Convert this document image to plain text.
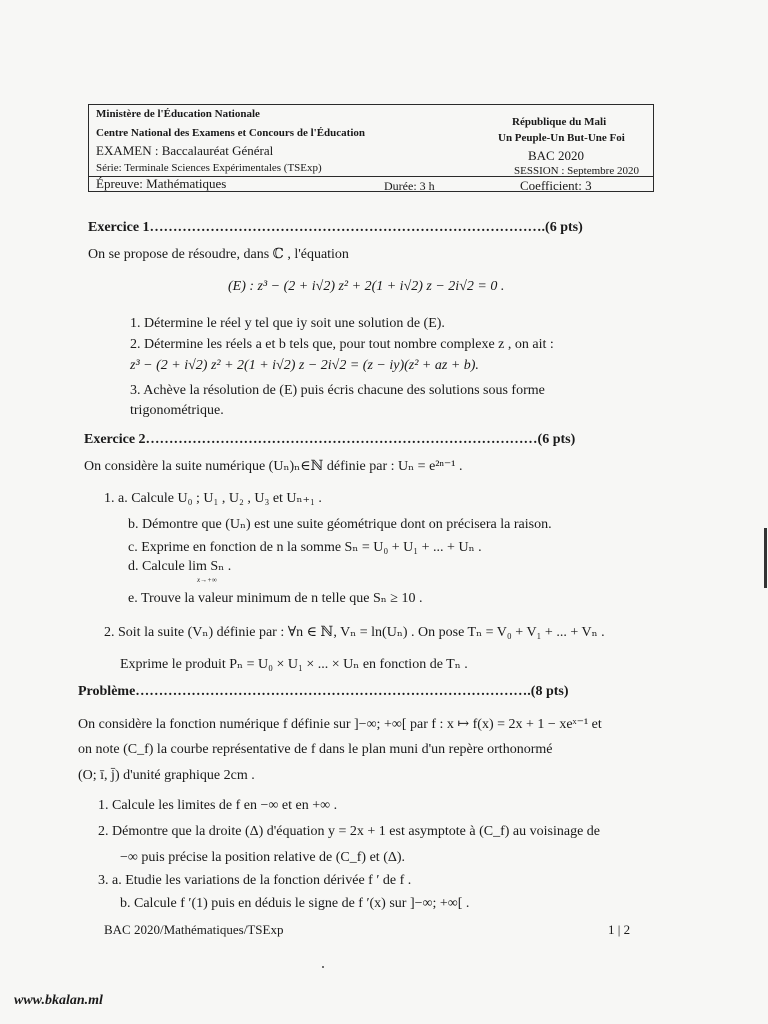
Ministère de l'Éducation Nationale
Centre National des Examens et Concours de l'Éducation
EXAMEN : Baccalauréat Général
Série: Terminale Sciences Expérimentales (TSExp)
Épreuve: Mathématiques	Durée: 3 h
République du Mali
Un Peuple-Un But-Une Foi
BAC 2020
SESSION : Septembre 2020
Coefficient: 3
Exercice 1………………………………………………………………………….(6 pts)
On se propose de résoudre, dans ℂ , l'équation
(E) : z³ − (2 + i√2) z² + 2(1 + i√2) z − 2i√2 = 0 .
1. Détermine le réel y tel que iy soit une solution de (E).
2. Détermine les réels a et b tels que, pour tout nombre complexe z , on ait :
z³ − (2 + i√2) z² + 2(1 + i√2) z − 2i√2 = (z − iy)(z² + az + b).
3. Achève la résolution de (E) puis écris chacune des solutions sous forme
trigonométrique.
Exercice 2…………………………………………………………………………(6 pts)
On considère la suite numérique (Uₙ)ₙ∈ℕ définie par : Uₙ = e²ⁿ⁻¹ .
1. a. Calcule U₀ ; U₁ , U₂ , U₃ et Uₙ₊₁ .
b. Démontre que (Uₙ) est une suite géométrique dont on précisera la raison.
c. Exprime en fonction de n la somme Sₙ = U₀ + U₁ + ... + Uₙ .
d. Calcule lim Sₙ .
x→+∞
e. Trouve la valeur minimum de n telle que Sₙ ≥ 10 .
2. Soit la suite (Vₙ) définie par : ∀n ∈ ℕ, Vₙ = ln(Uₙ) . On pose Tₙ = V₀ + V₁ + ... + Vₙ .
Exprime le produit Pₙ = U₀ × U₁ × ... × Uₙ en fonction de Tₙ .
Problème………………………………………………………………………….(8 pts)
On considère la fonction numérique f définie sur ]−∞; +∞[ par f : x ↦ f(x) = 2x + 1 − xeˣ⁻¹ et
on note (C_f) la courbe représentative de f dans le plan muni d'un repère orthonormé
(O; ī, j̄) d'unité graphique 2cm .
1. Calcule les limites de f en −∞ et en +∞ .
2. Démontre que la droite (Δ) d'équation y = 2x + 1 est asymptote à (C_f) au voisinage de
−∞ puis précise la position relative de (C_f) et (Δ).
3. a. Etudie les variations de la fonction dérivée f ′ de f .
b. Calcule f ′(1) puis en déduis le signe de f ′(x) sur ]−∞; +∞[ .
BAC 2020/Mathématiques/TSExp	1 | 2
www.bkalan.ml
